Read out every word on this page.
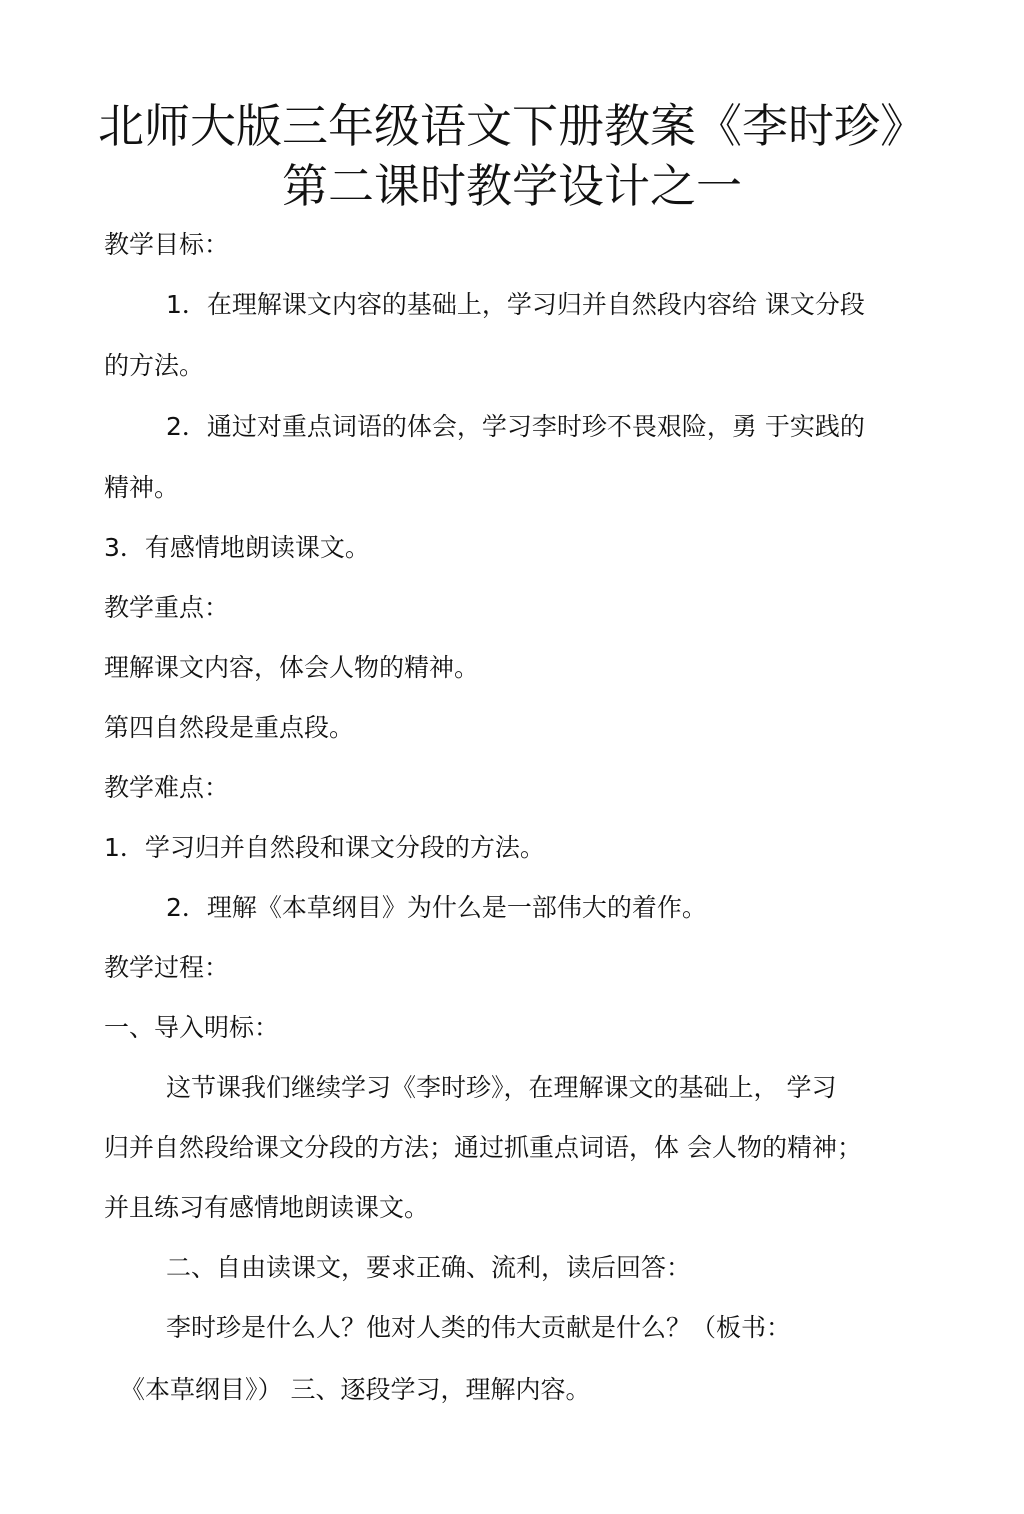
北师大版三年级语文下册教案《李时珍》
第二课时教学设计之一

教学目标：

1．在理解课文内容的基础上，学习归并自然段内容给 课文分段

的方法。

2．通过对重点词语的体会，学习李时珍不畏艰险，勇 于实践的

精神。

3．有感情地朗读课文。

教学重点：

理解课文内容，体会人物的精神。

第四自然段是重点段。

教学难点：

1．学习归并自然段和课文分段的方法。

2．理解《本草纲目》为什么是一部伟大的着作。

教学过程：

一、导入明标：

这节课我们继续学习《李时珍》，在理解课文的基础上， 学习

归并自然段给课文分段的方法；通过抓重点词语，体 会人物的精神；

并且练习有感情地朗读课文。

二、自由读课文，要求正确、流利，读后回答：

李时珍是什么人？他对人类的伟大贡献是什么？（板书：

《本草纲目》） 三、逐段学习，理解内容。
